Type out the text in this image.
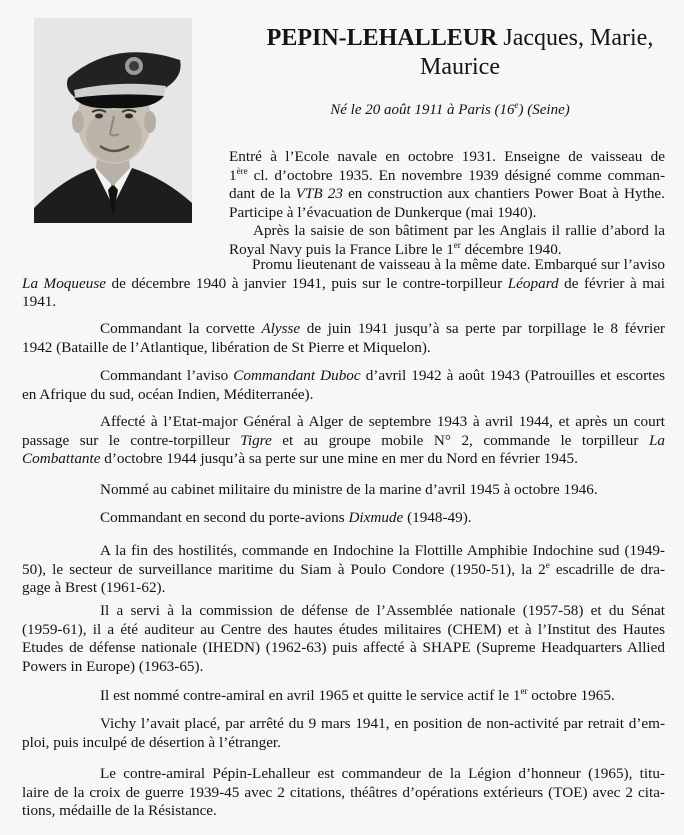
PEPIN-LEHALLEUR Jacques, Marie,
Maurice
Né le 20 août 1911 à Paris (16e) (Seine)
Entré à l’Ecole navale en octobre 1931. Enseigne de vaisseau de
1ère cl. d’octobre 1935. En novembre 1939 désigné comme comman-
dant de la VTB 23 en construction aux chantiers Power Boat à Hythe.
Participe à l’évacuation de Dunkerque (mai 1940).
Après la saisie de son bâtiment par les Anglais il rallie d’abord la
Royal Navy puis la France Libre le 1er décembre 1940.
Promu lieutenant de vaisseau à la même date. Embarqué sur l’aviso
La Moqueuse de décembre 1940 à janvier 1941, puis sur le contre-torpilleur Léopard de février à mai
1941.
Commandant la corvette Alysse de juin 1941 jusqu’à sa perte par torpillage le 8 février
1942 (Bataille de l’Atlantique, libération de St Pierre et Miquelon).
Commandant l’aviso Commandant Duboc d’avril 1942 à août 1943 (Patrouilles et escortes
en Afrique du sud, océan Indien, Méditerranée).
Affecté à l’Etat-major Général à Alger de septembre 1943 à avril 1944, et après un court
passage sur le contre-torpilleur Tigre et au groupe mobile N° 2, commande le torpilleur La
Combattante d’octobre 1944 jusqu’à sa perte sur une mine en mer du Nord en février 1945.
Nommé au cabinet militaire du ministre de la marine d’avril 1945 à octobre 1946.
Commandant en second du porte-avions Dixmude (1948-49).
A la fin des hostilités, commande en Indochine la Flottille Amphibie Indochine sud (1949-
50), le secteur de surveillance maritime du Siam à Poulo Condore (1950-51), la 2e escadrille de dra-
gage à Brest (1961-62).
Il a servi à la commission de défense de l’Assemblée nationale (1957-58) et du Sénat
(1959-61), il a été auditeur au Centre des hautes études militaires (CHEM) et à l’Institut des Hautes
Etudes de défense nationale (IHEDN) (1962-63) puis affecté à SHAPE (Supreme Headquarters Allied
Powers in Europe) (1963-65).
Il est nommé contre-amiral en avril 1965 et quitte le service actif le 1er octobre 1965.
Vichy l’avait placé, par arrêté du 9 mars 1941, en position de non-activité par retrait d’em-
ploi, puis inculpé de désertion à l’étranger.
Le contre-amiral Pépin-Lehalleur est commandeur de la Légion d’honneur (1965), titu-
laire de la croix de guerre 1939-45 avec 2 citations, théâtres d’opérations extérieurs (TOE) avec 2 cita-
tions, médaille de la Résistance.
